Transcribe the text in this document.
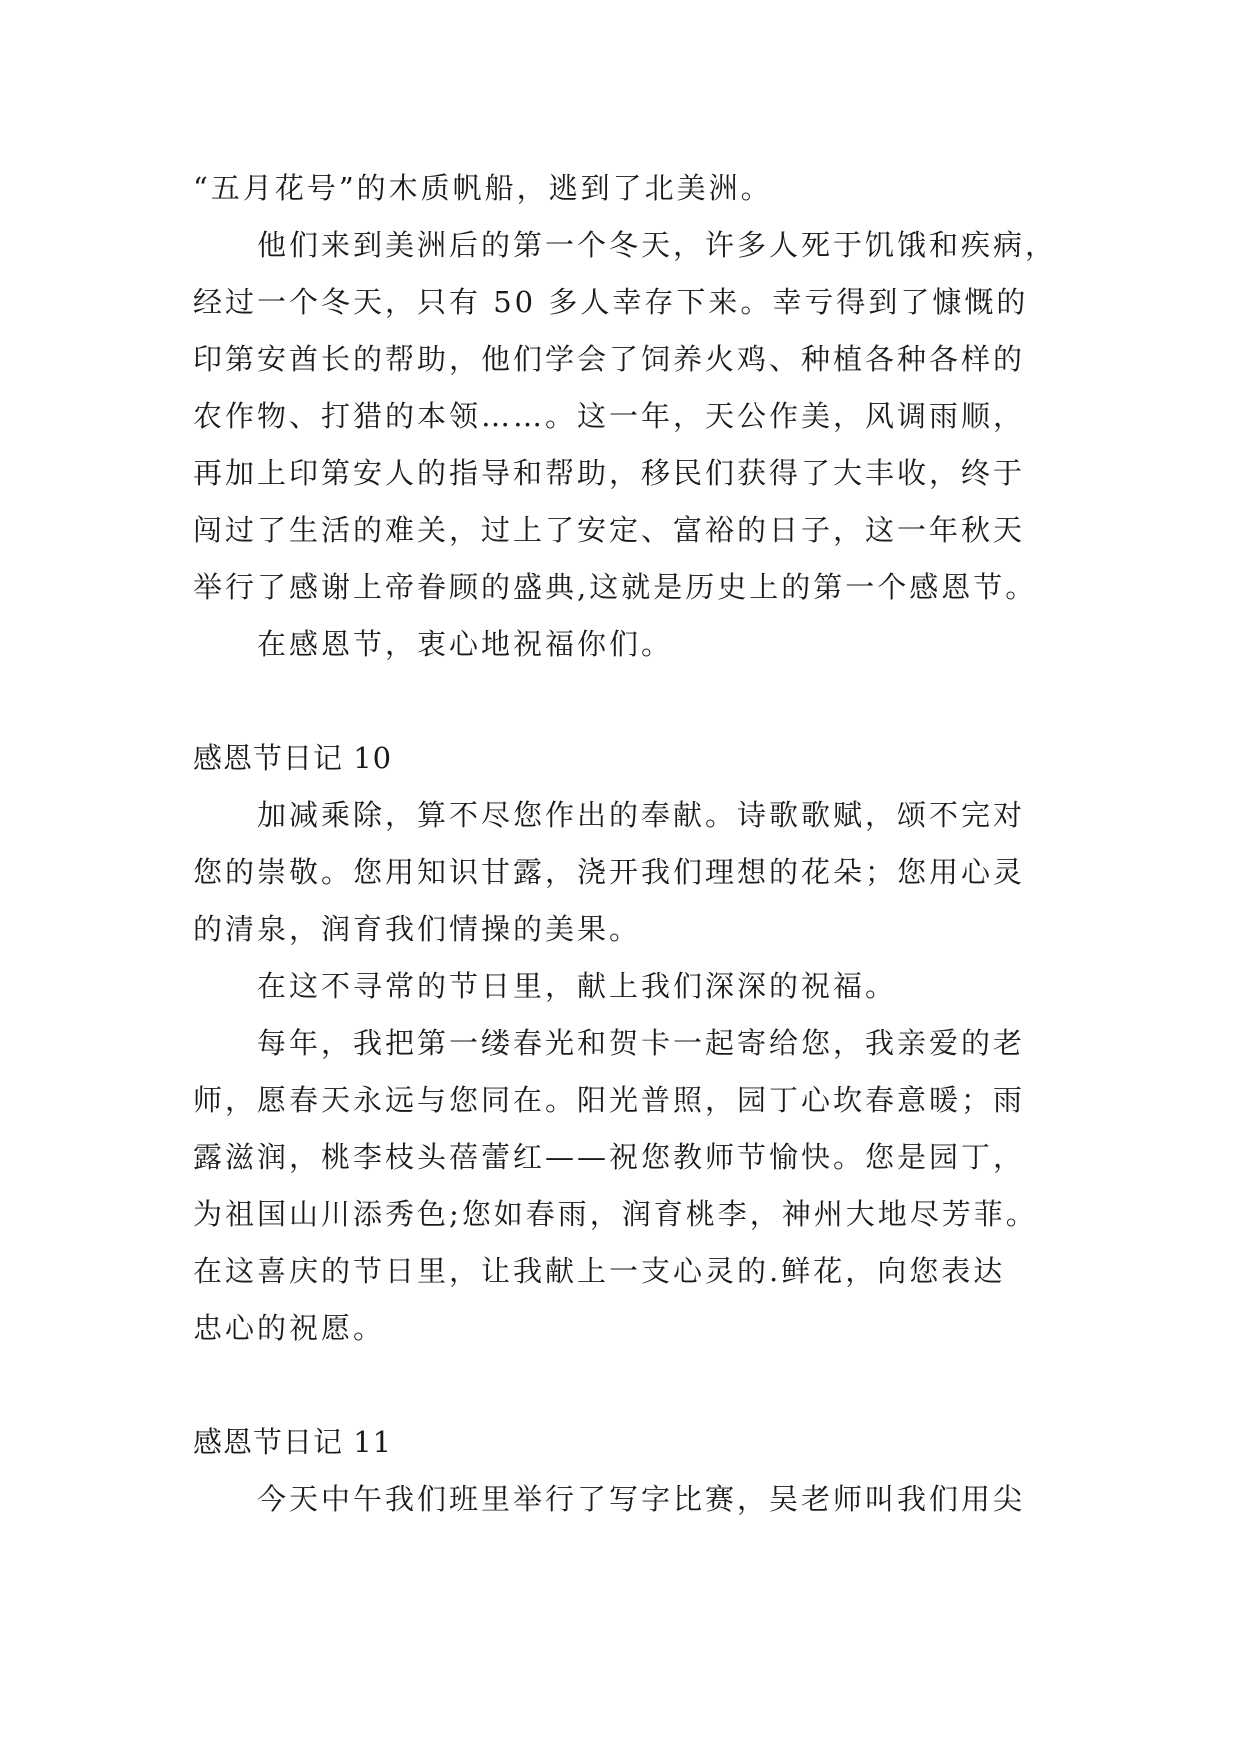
“五月花号”的木质帆船，逃到了北美洲。
他们来到美洲后的第一个冬天，许多人死于饥饿和疾病，
经过一个冬天，只有 50 多人幸存下来。幸亏得到了慷慨的
印第安酋长的帮助，他们学会了饲养火鸡、种植各种各样的
农作物、打猎的本领……。这一年，天公作美，风调雨顺，
再加上印第安人的指导和帮助，移民们获得了大丰收，终于
闯过了生活的难关，过上了安定、富裕的日子，这一年秋天
举行了感谢上帝眷顾的盛典,这就是历史上的第一个感恩节。
在感恩节，衷心地祝福你们。
感恩节日记 10
加减乘除，算不尽您作出的奉献。诗歌歌赋，颂不完对
您的崇敬。您用知识甘露，浇开我们理想的花朵；您用心灵
的清泉，润育我们情操的美果。
在这不寻常的节日里，献上我们深深的祝福。
每年，我把第一缕春光和贺卡一起寄给您，我亲爱的老
师，愿春天永远与您同在。阳光普照，园丁心坎春意暖；雨
露滋润，桃李枝头蓓蕾红——祝您教师节愉快。您是园丁，
为祖国山川添秀色;您如春雨，润育桃李，神州大地尽芳菲。
在这喜庆的节日里，让我献上一支心灵的.鲜花，向您表达
忠心的祝愿。
感恩节日记 11
今天中午我们班里举行了写字比赛，吴老师叫我们用尖
